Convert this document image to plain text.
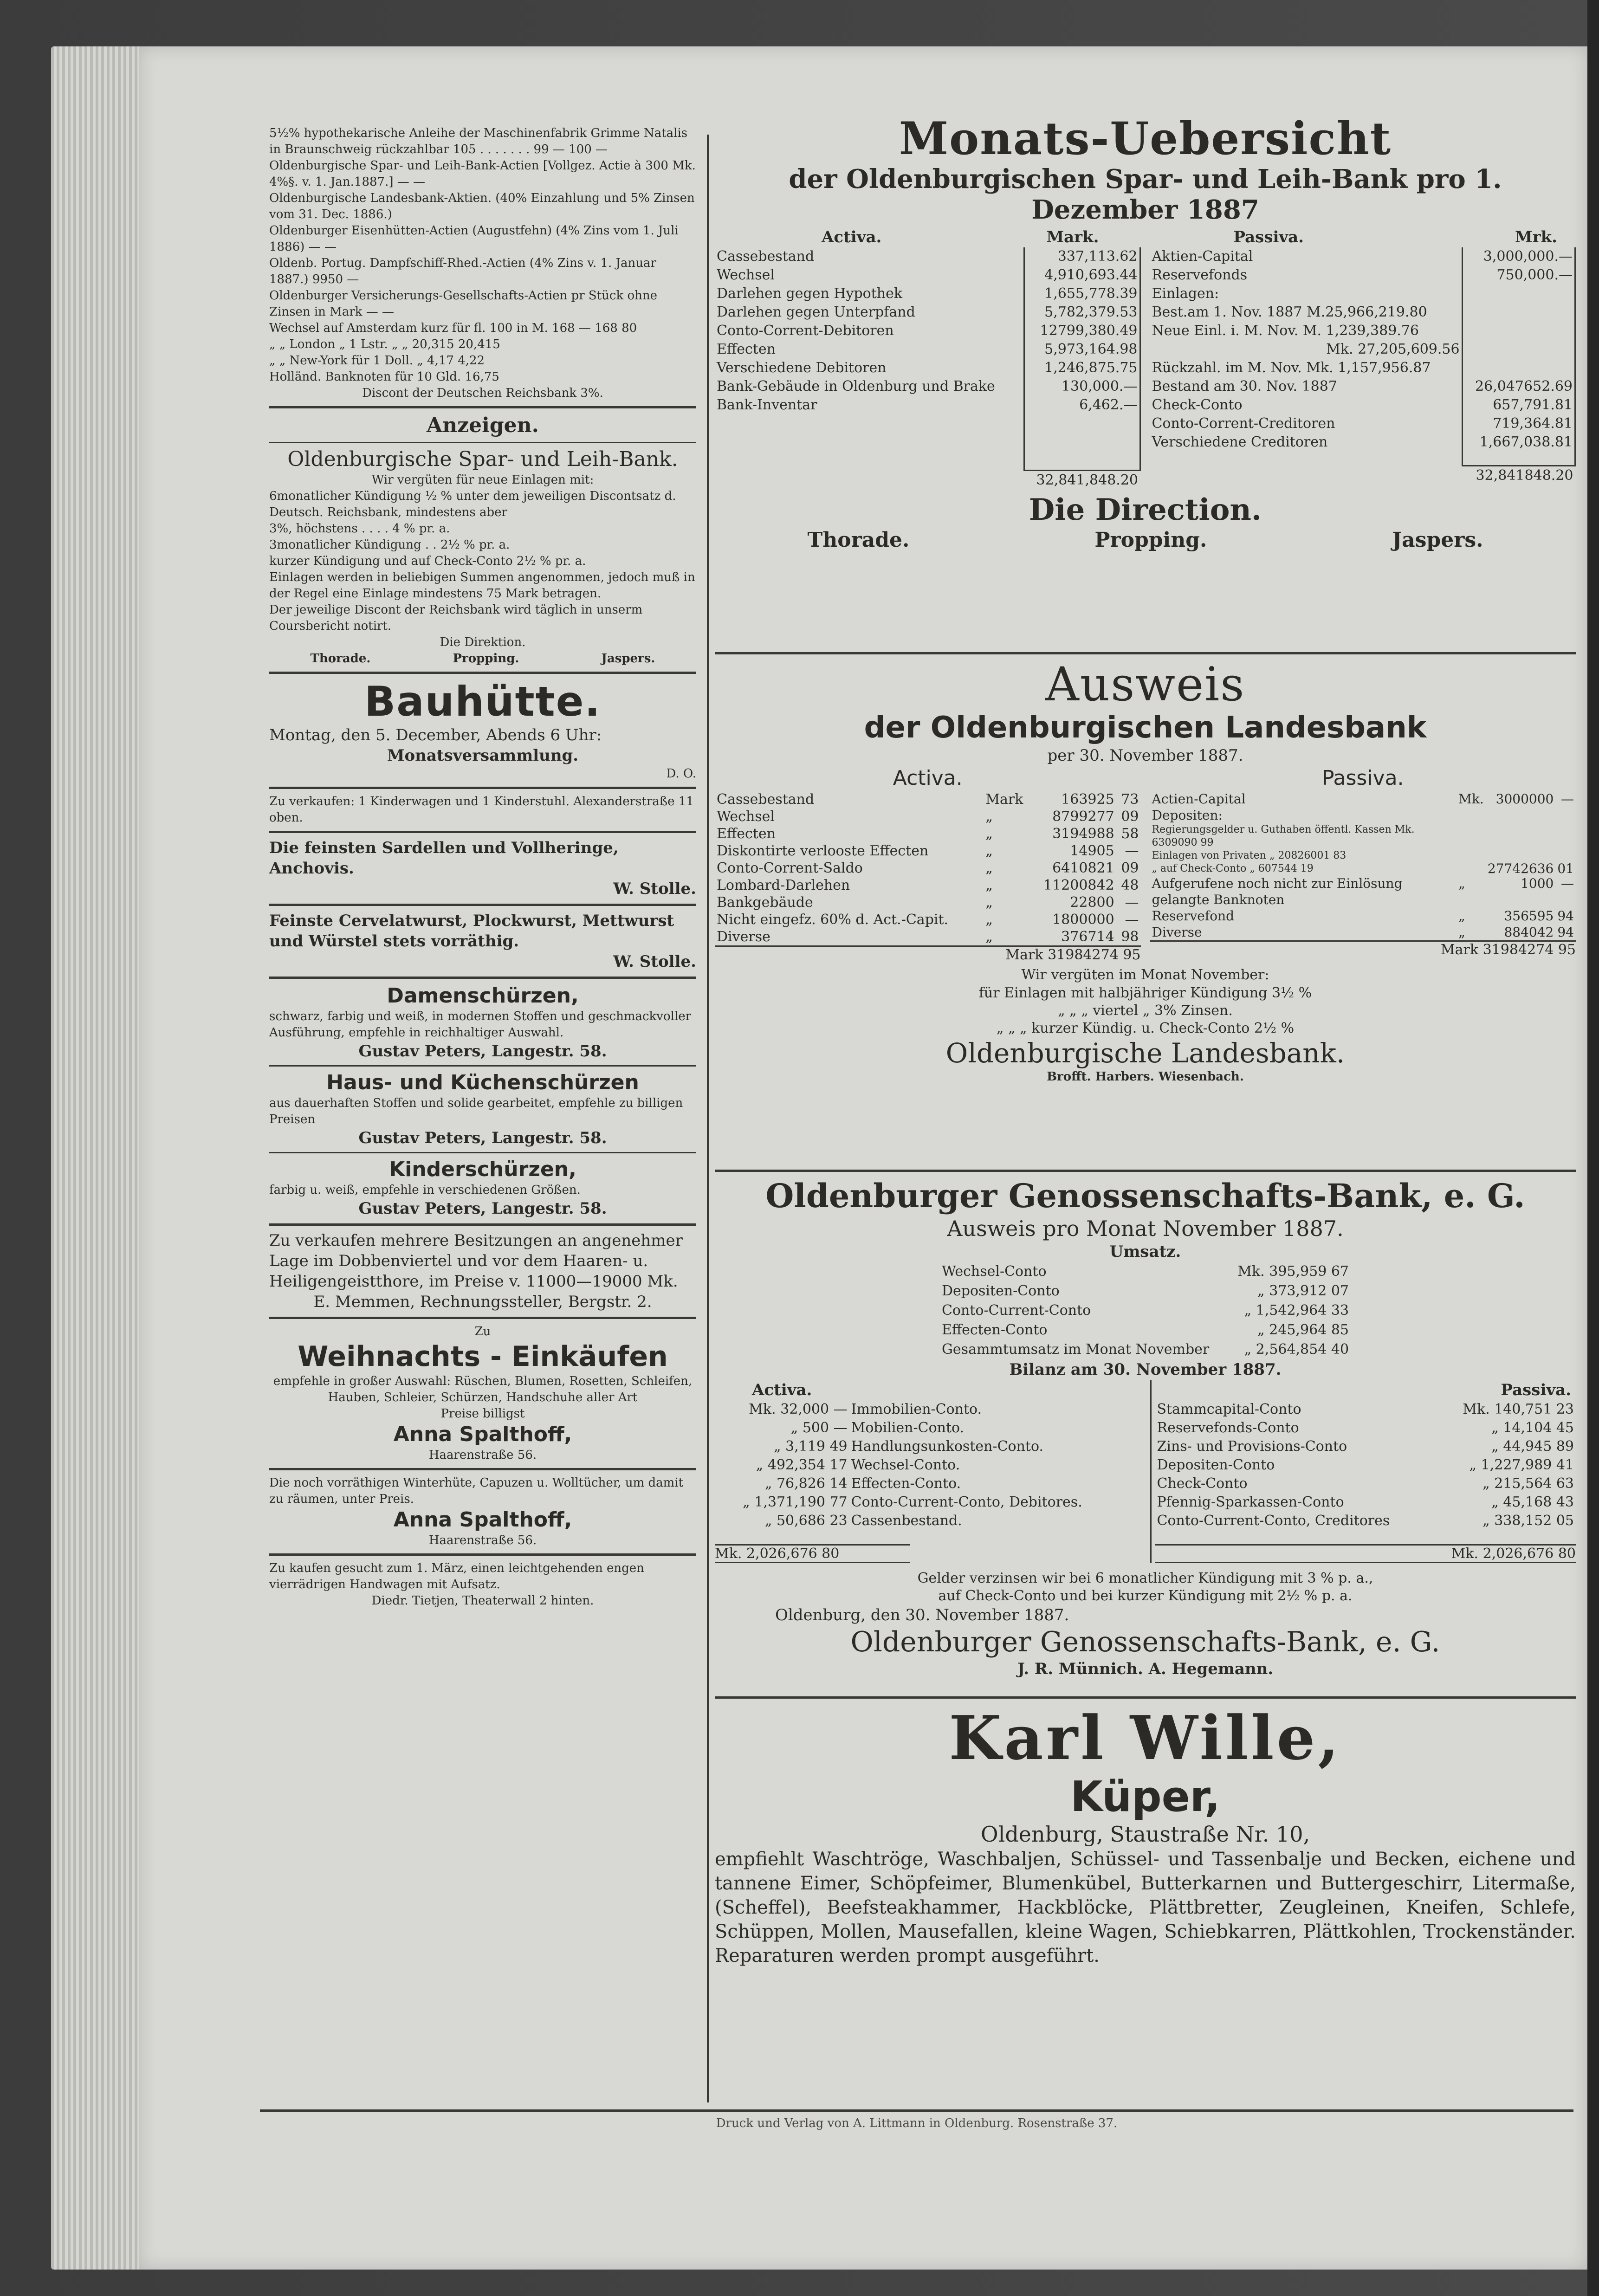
5½% hypothekarische Anleihe der Maschinenfabrik Grimme Natalis in Braunschweig rückzahlbar 105 . . . . . . . 99 — 100 —
Oldenburgische Spar- und Leih-Bank-Actien [Vollgez. Actie à 300 Mk. 4%§. v. 1. Jan.1887.] — —
Oldenburgische Landesbank-Aktien. (40% Einzahlung und 5% Zinsen vom 31. Dec. 1886.)
Oldenburger Eisenhütten-Actien (Augustfehn) (4% Zins vom 1. Juli 1886) — —
Oldenb. Portug. Dampfschiff-Rhed.-Actien (4% Zins v. 1. Januar 1887.) 9950 —
Oldenburger Versicherungs-Gesellschafts-Actien pr Stück ohne Zinsen in Mark — —
Wechsel auf Amsterdam kurz für fl. 100 in M. 168 — 168 80
„ „ London „ 1 Lstr. „ „ 20,315 20,415
„ „ New-York für 1 Doll. „ 4,17 4,22
Holländ. Banknoten für 10 Gld. 16,75
Discont der Deutschen Reichsbank 3%.
Anzeigen.
Oldenburgische Spar- und Leih-Bank.
Wir vergüten für neue Einlagen mit:
6monatlicher Kündigung ½ % unter dem jeweiligen Discontsatz d. Deutsch. Reichsbank, mindestens aber
3%, höchstens . . . . 4 % pr. a.
3monatlicher Kündigung . . 2½ % pr. a.
kurzer Kündigung und auf Check-Conto 2½ % pr. a.
Einlagen werden in beliebigen Summen angenommen, jedoch muß in der Regel eine Einlage mindestens 75 Mark betragen.
Der jeweilige Discont der Reichsbank wird täglich in unserm Coursbericht notirt.
Die Direktion.
Thorade.	Propping.	Jaspers.
Bauhütte.
Montag, den 5. December, Abends 6 Uhr:
Monatsversammlung.
D. O.
Zu verkaufen: 1 Kinderwagen und 1 Kinderstuhl. Alexanderstraße 11 oben.
Die feinsten Sardellen und Vollheringe, Anchovis.
W. Stolle.
Feinste Cervelatwurst, Plockwurst, Mettwurst und Würstel stets vorräthig.
W. Stolle.
Damenschürzen,
schwarz, farbig und weiß, in modernen Stoffen und geschmackvoller Ausführung, empfehle in reichhaltiger Auswahl.
Gustav Peters, Langestr. 58.
Haus- und Küchenschürzen
aus dauerhaften Stoffen und solide gearbeitet, empfehle zu billigen Preisen
Gustav Peters, Langestr. 58.
Kinderschürzen,
farbig u. weiß, empfehle in verschiedenen Größen.
Gustav Peters, Langestr. 58.
Zu verkaufen mehrere Besitzungen an angenehmer Lage im Dobbenviertel und vor dem Haaren- u. Heiligengeistthore, im Preise v. 11000—19000 Mk.
E. Memmen, Rechnungssteller, Bergstr. 2.
Zu
Weihnachts - Einkäufen
empfehle in großer Auswahl: Rüschen, Blumen, Rosetten, Schleifen, Hauben, Schleier, Schürzen, Handschuhe aller Art
Preise billigst
Anna Spalthoff,
Haarenstraße 56.
Die noch vorräthigen Winterhüte, Capuzen u. Wolltücher, um damit zu räumen, unter Preis.
Anna Spalthoff,
Haarenstraße 56.
Zu kaufen gesucht zum 1. März, einen leichtgehenden engen vierrädrigen Handwagen mit Aufsatz.
Diedr. Tietjen, Theaterwall 2 hinten.
Monats-Uebersicht
der Oldenburgischen Spar- und Leih-Bank pro 1. Dezember 1887
Activa.	Mark.
Cassebestand	337,113.62
Wechsel	4,910,693.44
Darlehen gegen Hypothek	1,655,778.39
Darlehen gegen Unterpfand	5,782,379.53
Conto-Corrent-Debitoren	12799,380.49
Effecten	5,973,164.98
Verschiedene Debitoren	1,246,875.75
Bank-Gebäude in Oldenburg und Brake	130,000.—
Bank-Inventar	6,462.—

	32,841,848.20
Passiva.	Mrk.
Aktien-Capital	3,000,000.—
Reservefonds	750,000.—
Einlagen:	
Best.am 1. Nov. 1887 M.25,966,219.80	
Neue Einl. i. M. Nov. M. 1,239,389.76	
Mk. 27,205,609.56	
Rückzahl. im M. Nov. Mk. 1,157,956.87	
Bestand am 30. Nov. 1887	26,047652.69
Check-Conto	657,791.81
Conto-Corrent-Creditoren	719,364.81
Verschiedene Creditoren	1,667,038.81

	32,841848.20
Die Direction.
Thorade.	Propping.	Jaspers.
Ausweis
der Oldenburgischen Landesbank
per 30. November 1887.
Activa.
Cassebestand	Mark	163925	73
Wechsel	„	8799277	09
Effecten	„	3194988	58
Diskontirte verlooste Effecten	„	14905	—
Conto-Corrent-Saldo	„	6410821	09
Lombard-Darlehen	„	11200842	48
Bankgebäude	„	22800	—
Nicht eingefz. 60% d. Act.-Capit.	„	1800000	—
Diverse	„	376714	98
Mark 31984274 95
Passiva.
Actien-Capital	Mk.	3000000	—
Depositen:			
Regierungsgelder u. Guthaben öffentl. Kassen Mk. 6309090 99			
Einlagen von Privaten „ 20826001 83			
„ auf Check-Conto „ 607544 19		27742636	01
Aufgerufene noch nicht zur Einlösung gelangte Banknoten	„	1000	—
Reservefond	„	356595	94
Diverse	„	884042	94
Mark 31984274 95
Wir vergüten im Monat November:
für Einlagen mit halbjähriger Kündigung 3½ %
„ „ „ viertel „ 3% Zinsen.
„ „ „ kurzer Kündig. u. Check-Conto 2½ %
Oldenburgische Landesbank.
Brofft. Harbers. Wiesenbach.
Oldenburger Genossenschafts-Bank, e. G.
Ausweis pro Monat November 1887.
Umsatz.
Wechsel-Conto	Mk. 395,959 67
Depositen-Conto	„ 373,912 07
Conto-Current-Conto	„ 1,542,964 33
Effecten-Conto	„ 245,964 85
Gesammtumsatz im Monat November	„ 2,564,854 40
Bilanz am 30. November 1887.
Activa.
Mk. 32,000 —	Immobilien-Conto.
„ 500 —	Mobilien-Conto.
„ 3,119 49	Handlungsunkosten-Conto.
„ 492,354 17	Wechsel-Conto.
„ 76,826 14	Effecten-Conto.
„ 1,371,190 77	Conto-Current-Conto, Debitores.
„ 50,686 23	Cassenbestand.
Mk. 2,026,676 80
Passiva.
Stammcapital-Conto	Mk. 140,751 23
Reservefonds-Conto	„ 14,104 45
Zins- und Provisions-Conto	„ 44,945 89
Depositen-Conto	„ 1,227,989 41
Check-Conto	„ 215,564 63
Pfennig-Sparkassen-Conto	„ 45,168 43
Conto-Current-Conto, Creditores	„ 338,152 05
Mk. 2,026,676 80
Gelder verzinsen wir bei 6 monatlicher Kündigung mit 3 % p. a.,
auf Check-Conto und bei kurzer Kündigung mit 2½ % p. a.
Oldenburg, den 30. November 1887.
Oldenburger Genossenschafts-Bank, e. G.
J. R. Münnich. A. Hegemann.
Karl Wille,
Küper,
Oldenburg, Staustraße Nr. 10,
empfiehlt Waschtröge, Waschbaljen, Schüssel- und Tassenbalje und Becken, eichene und tannene Eimer, Schöpfeimer, Blumenkübel, Butterkarnen und Buttergeschirr, Litermaße, (Scheffel), Beefsteakhammer, Hackblöcke, Plättbretter, Zeugleinen, Kneifen, Schlefe, Schüppen, Mollen, Mausefallen, kleine Wagen, Schiebkarren, Plättkohlen, Trockenständer. Reparaturen werden prompt ausgeführt.
Druck und Verlag von A. Littmann in Oldenburg. Rosenstraße 37.
